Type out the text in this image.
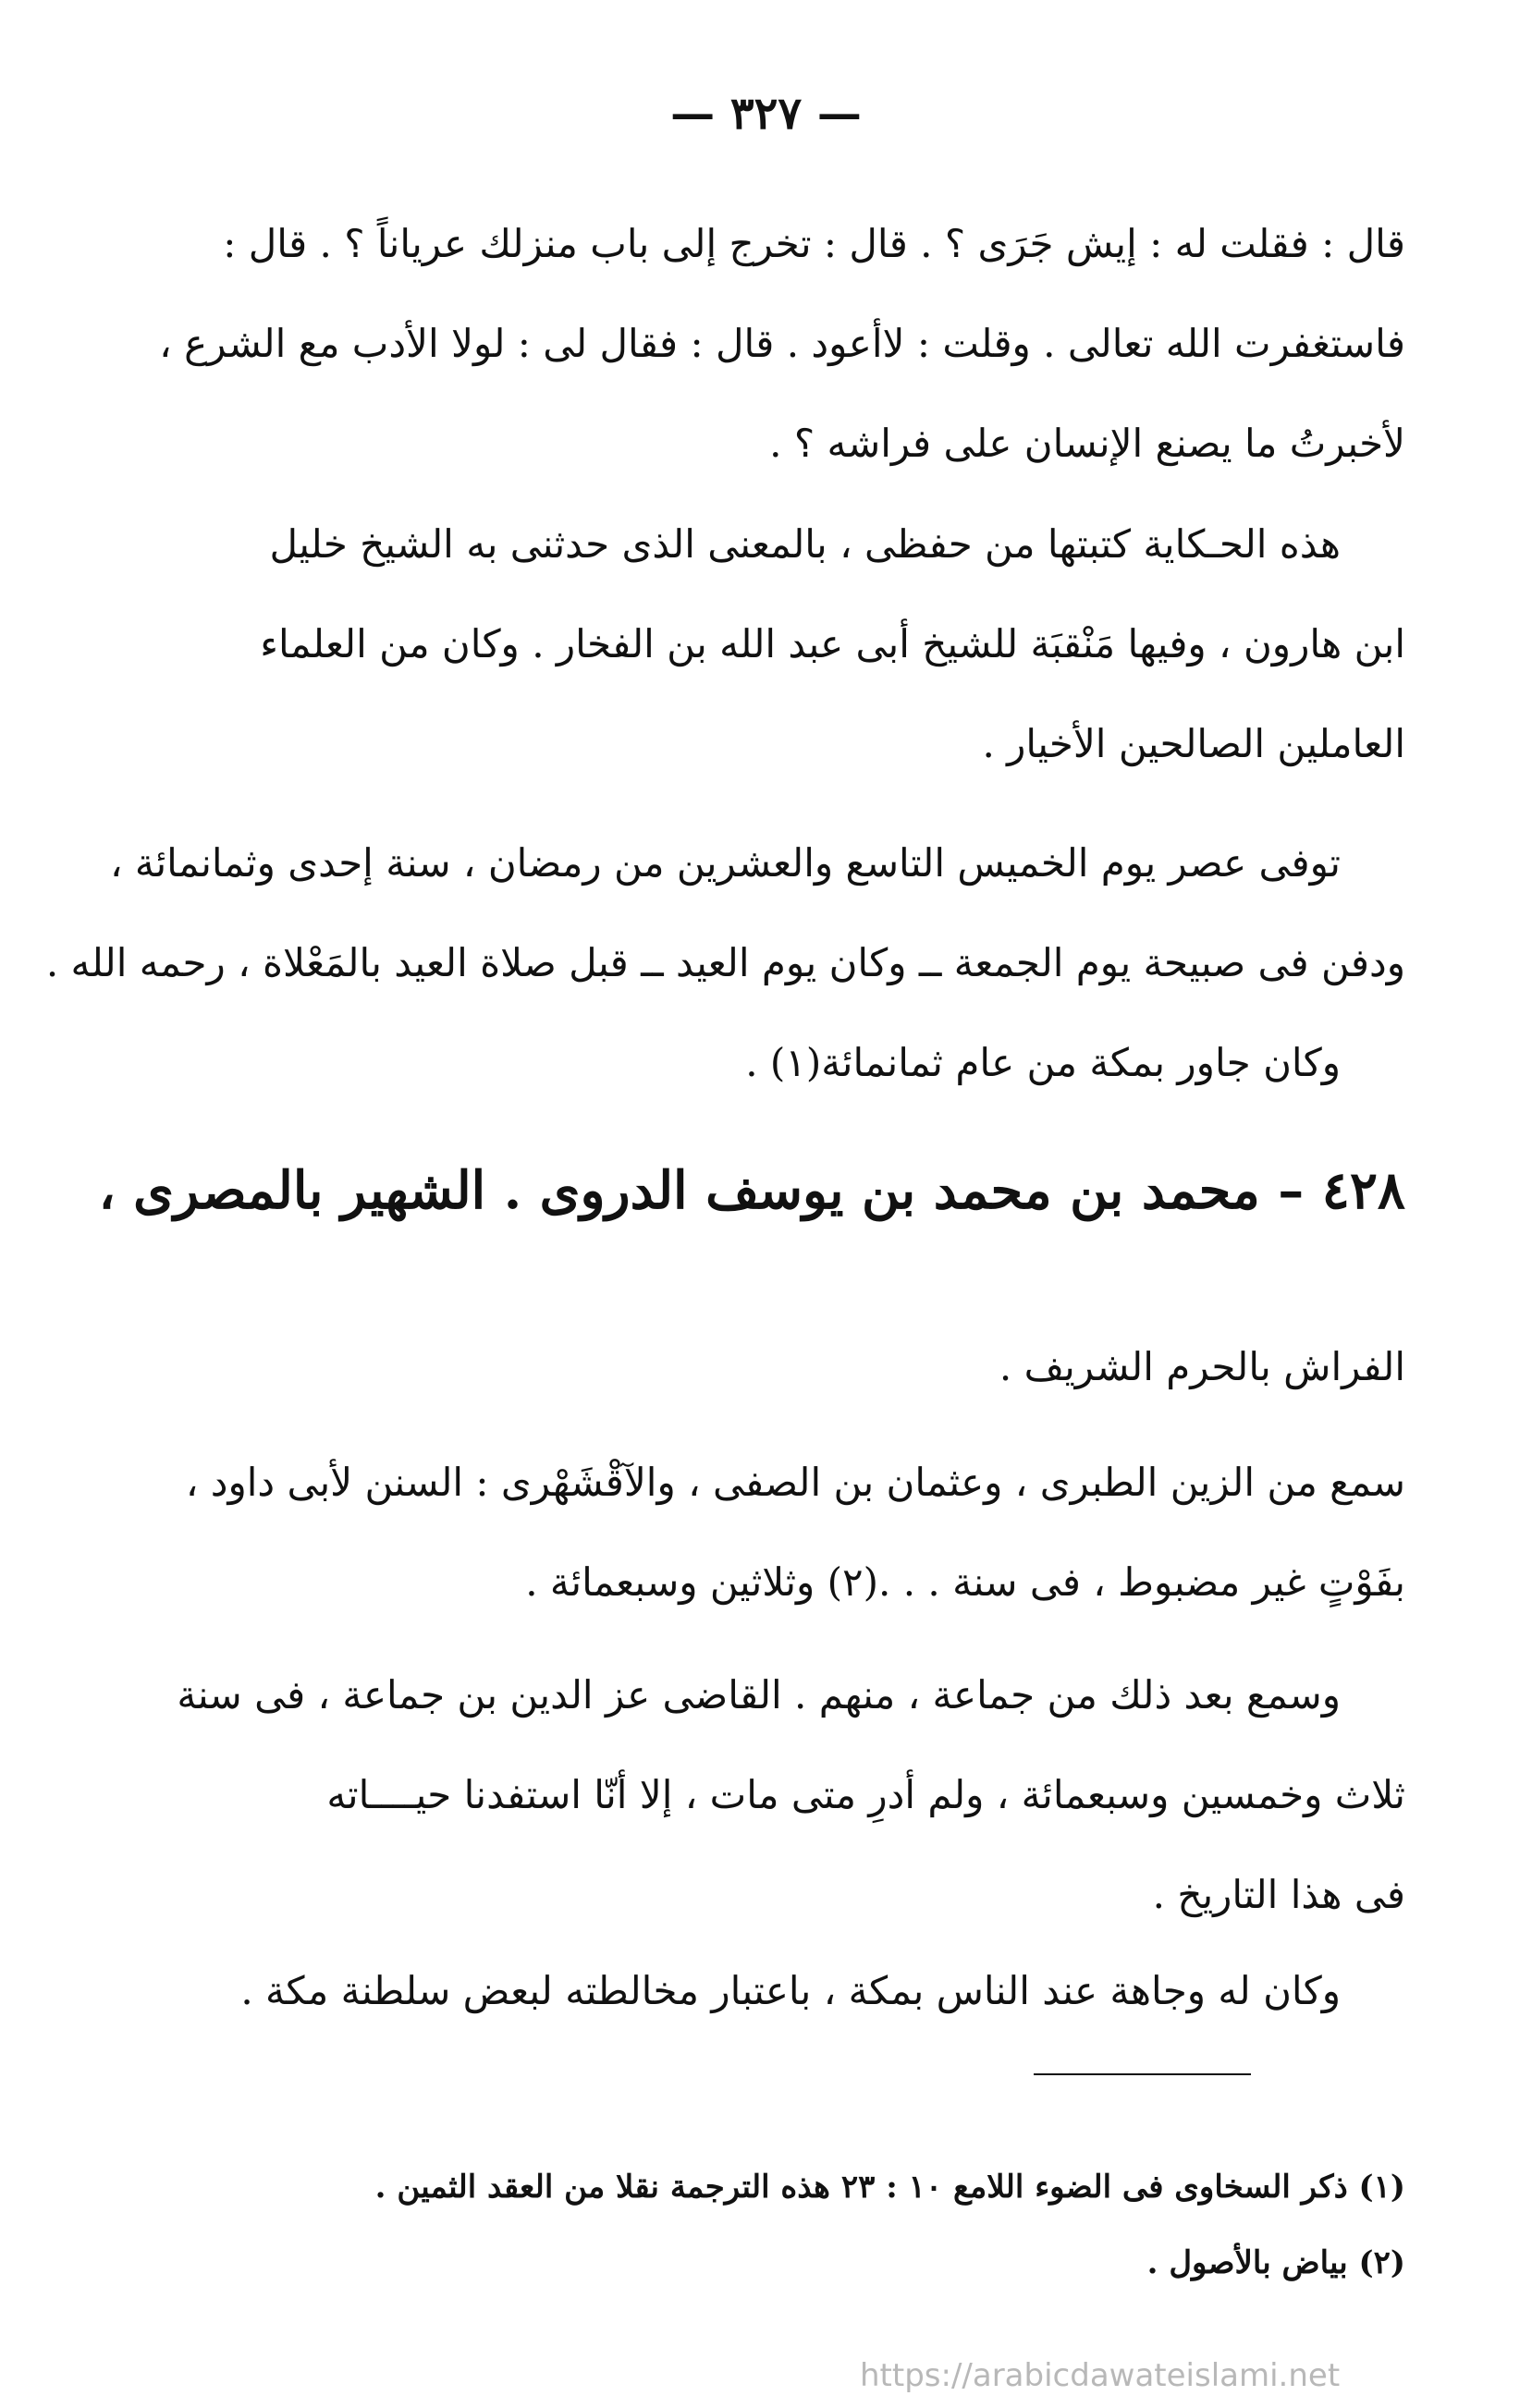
— ٣٢٧ —
قال : فقلت له : إيش جَرَى ؟ . قال : تخرج إلى باب منزلك عرياناً ؟ . قال :
فاستغفرت الله تعالى . وقلت : لاأعود . قال : فقال لى : لولا الأدب مع الشرع ،
لأخبرتُ ما يصنع الإنسان على فراشه ؟ .
هذه الحـكاية كتبتها من حفظى ، بالمعنى الذى حدثنى به الشيخ خليل
ابن هارون ، وفيها مَنْقبَة للشيخ أبى عبد الله بن الفخار . وكان من العلماء
العاملين الصالحين الأخيار .
توفى عصر يوم الخميس التاسع والعشرين من رمضان ، سنة إحدى وثمانمائة ،
ودفن فى صبيحة يوم الجمعة ــ وكان يوم العيد ــ قبل صلاة العيد بالمَعْلاة ، رحمه الله .
وكان جاور بمكة من عام ثمانمائة(١) .
٤٢٨ – محمد بن محمد بن يوسف الدروى . الشهير بالمصرى ،
الفراش بالحرم الشريف .
سمع من الزين الطبرى ، وعثمان بن الصفى ، والآقْشَهْرى : السنن لأبى داود ،
بفَوْتٍ غير مضبوط ، فى سنة . . .(٢) وثلاثين وسبعمائة .
وسمع بعد ذلك من جماعة ، منهم . القاضى عز الدين بن جماعة ، فى سنة
ثلاث وخمسين وسبعمائة ، ولم أدرِ متى مات ، إلا أنّا استفدنا حيــــاته
فى هذا التاريخ .
وكان له وجاهة عند الناس بمكة ، باعتبار مخالطته لبعض سلطنة مكة .
(١) ذكر السخاوى فى الضوء اللامع ١٠ : ٢٣ هذه الترجمة نقلا من العقد الثمين .
(٢) بياض بالأصول .
https://arabicdawateislami.net
